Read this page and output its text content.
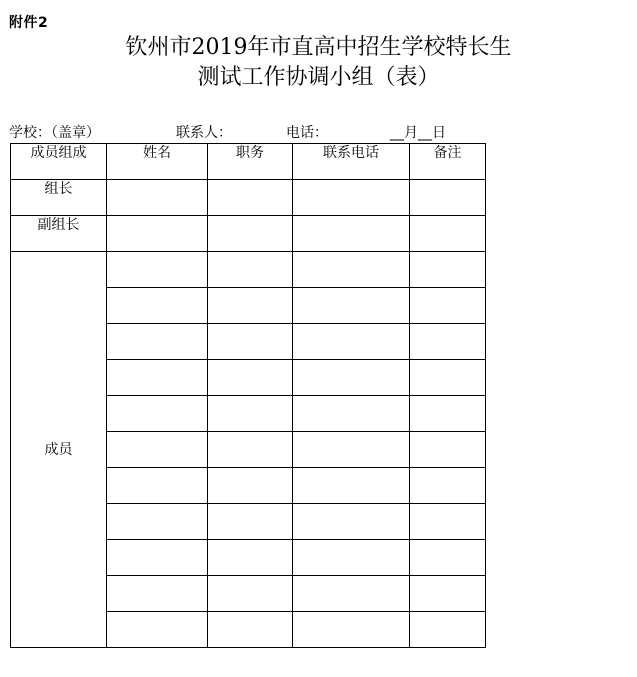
附件2
钦州市2019年市直高中招生学校特长生
测试工作协调小组（表）
学校：（盖章）	联系人：	电话：	__月__日
成员组成	姓名	职务	联系电话	备注
组长				
副组长				
成员				
